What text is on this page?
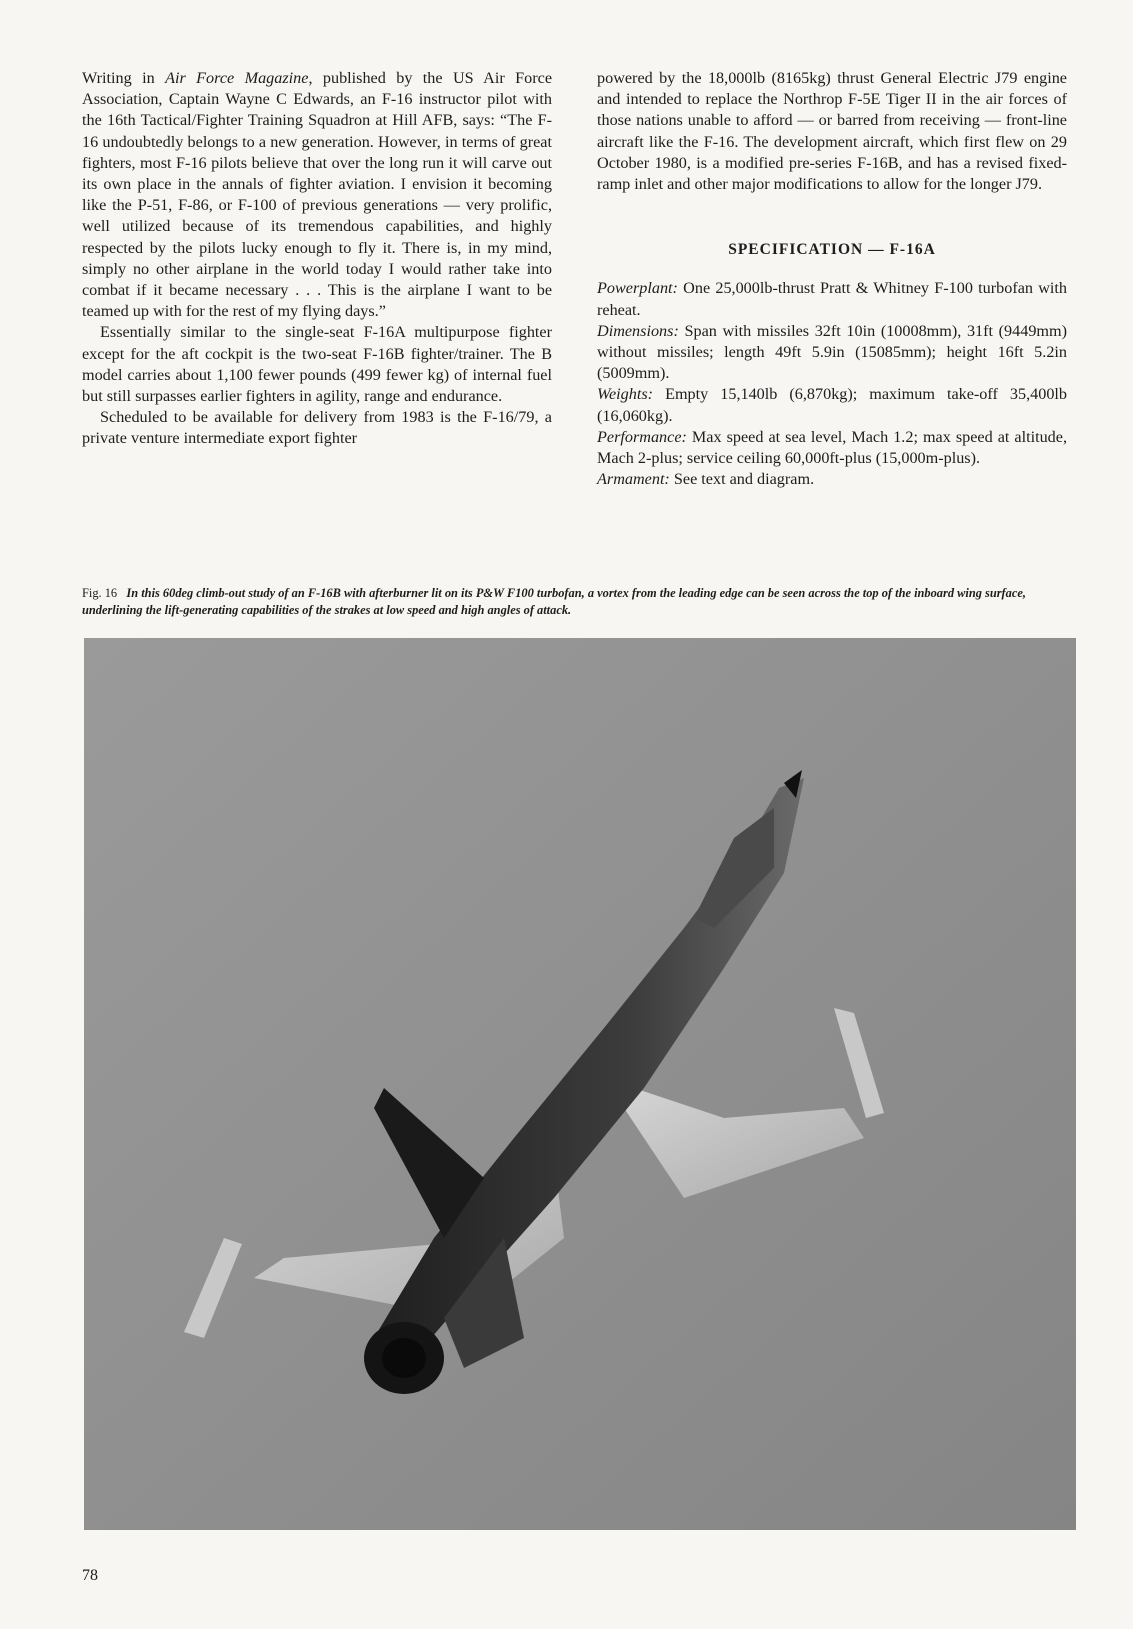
Writing in Air Force Magazine, published by the US Air Force Association, Captain Wayne C Edwards, an F-16 instructor pilot with the 16th Tactical/Fighter Training Squadron at Hill AFB, says: “The F-16 undoubtedly belongs to a new generation. However, in terms of great fighters, most F-16 pilots believe that over the long run it will carve out its own place in the annals of fighter aviation. I envision it becoming like the P-51, F-86, or F-100 of previous generations — very prolific, well utilized because of its tremendous capabilities, and highly respected by the pilots lucky enough to fly it. There is, in my mind, simply no other airplane in the world today I would rather take into combat if it became necessary . . . This is the airplane I want to be teamed up with for the rest of my flying days.”

Essentially similar to the single-seat F-16A multipurpose fighter except for the aft cockpit is the two-seat F-16B fighter/trainer. The B model carries about 1,100 fewer pounds (499 fewer kg) of internal fuel but still surpasses earlier fighters in agility, range and endurance.

Scheduled to be available for delivery from 1983 is the F-16/79, a private venture intermediate export fighter

powered by the 18,000lb (8165kg) thrust General Electric J79 engine and intended to replace the Northrop F-5E Tiger II in the air forces of those nations unable to afford — or barred from receiving — front-line aircraft like the F-16. The development aircraft, which first flew on 29 October 1980, is a modified pre-series F-16B, and has a revised fixed-ramp inlet and other major modifications to allow for the longer J79.

SPECIFICATION — F-16A

Powerplant: One 25,000lb-thrust Pratt & Whitney F-100 turbofan with reheat.

Dimensions: Span with missiles 32ft 10in (10008mm), 31ft (9449mm) without missiles; length 49ft 5.9in (15085mm); height 16ft 5.2in (5009mm).

Weights: Empty 15,140lb (6,870kg); maximum take-off 35,400lb (16,060kg).

Performance: Max speed at sea level, Mach 1.2; max speed at altitude, Mach 2-plus; service ceiling 60,000ft-plus (15,000m-plus).

Armament: See text and diagram.

Fig. 16 In this 60deg climb-out study of an F-16B with afterburner lit on its P&W F100 turbofan, a vortex from the leading edge can be seen across the top of the inboard wing surface, underlining the lift-generating capabilities of the strakes at low speed and high angles of attack.
78
